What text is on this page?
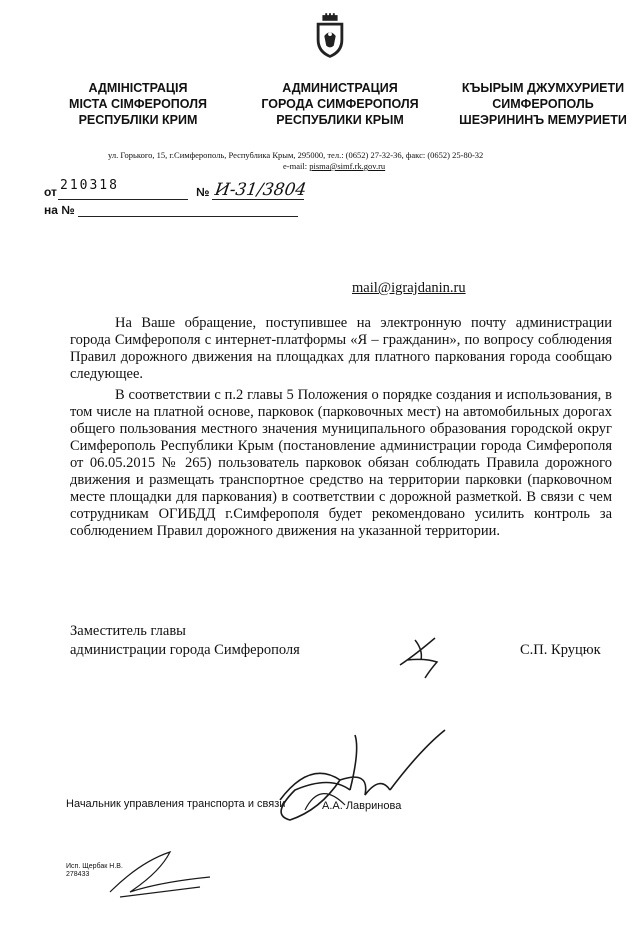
АДМІНІСТРАЦІЯ
МІСТА СІМФЕРОПОЛЯ
РЕСПУБЛІКИ КРИМ
АДМИНИСТРАЦИЯ
ГОРОДА СИМФЕРОПОЛЯ
РЕСПУБЛИКИ КРЫМ
КЪЫРЫМ ДЖУМХУРИЕТИ
СИМФЕРОПОЛЬ
ШЕЭРИНИНЪ МЕМУРИЕТИ
ул. Горького, 15, г.Симферополь, Республика Крым, 295000, тел.: (0652) 27-32-36, факс: (0652) 25-80-32
e-mail: pisma@simf.rk.gov.ru
от 210318	№ И-31/3804
на №
mail@igrajdanin.ru

На Ваше обращение, поступившее на электронную почту администрации города Симферополя с интернет-платформы «Я – гражданин», по вопросу соблюдения Правил дорожного движения на площадках для платного паркования города сообщаю следующее.

В соответствии с п.2 главы 5 Положения о порядке создания и использования, в том числе на платной основе, парковок (парковочных мест) на автомобильных дорогах общего пользования местного значения муниципального образования городской округ Симферополь Республики Крым (постановление администрации города Симферополя от 06.05.2015 № 265) пользователь парковок обязан соблюдать Правила дорожного движения и размещать транспортное средство на территории парковки (парковочном месте площадки для паркования) в соответствии с дорожной разметкой. В связи с чем сотрудникам ОГИБДД г.Симферополя будет рекомендовано усилить контроль за соблюдением Правил дорожного движения на указанной территории.

Заместитель главы
администрации города Симферополя	С.П. Круцюк
Начальник управления транспорта и связи	А.А. Лавринова
Исп. Щербак Н.В.
278433
